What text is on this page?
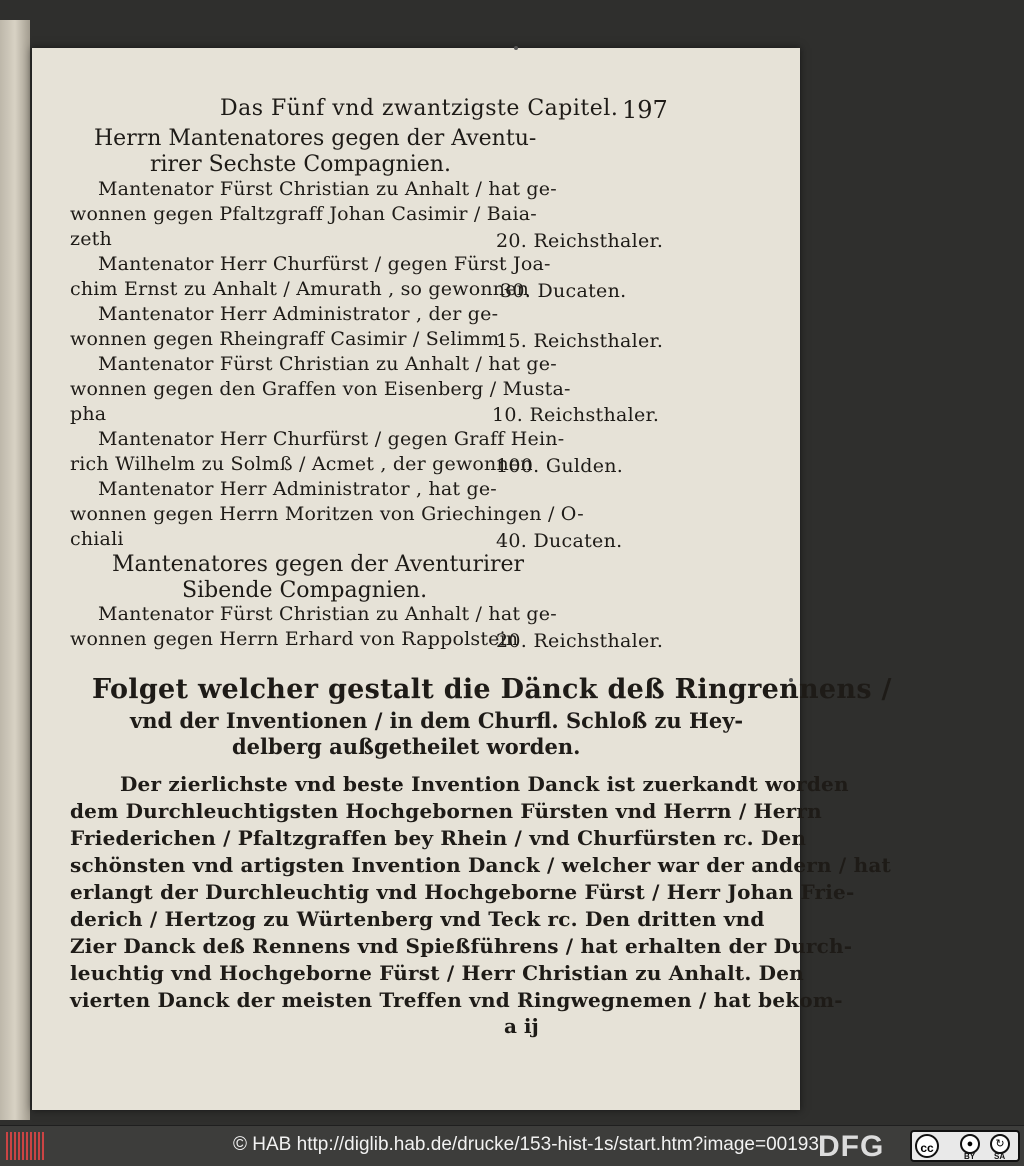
Das Fünf vnd zwantzigste Capitel. 197
Herrn Mantenatores gegen der Aventu-
rirer Sechste Compagnien.
Mantenator Fürst Christian zu Anhalt / hat ge-
wonnen gegen Pfaltzgraff Johan Casimir / Baia-
zeth	20. Reichsthaler.
Mantenator Herr Churfürst / gegen Fürst Joa-
chim Ernst zu Anhalt / Amurath , so gewonnen
30. Ducaten.
Mantenator Herr Administrator , der ge-
wonnen gegen Rheingraff Casimir / Selimm
15. Reichsthaler.
Mantenator Fürst Christian zu Anhalt / hat ge-
wonnen gegen den Graffen von Eisenberg / Musta-
pha	10. Reichsthaler.
Mantenator Herr Churfürst / gegen Graff Hein-
rich Wilhelm zu Solmß / Acmet , der gewonnen
100. Gulden.
Mantenator Herr Administrator , hat ge-
wonnen gegen Herrn Moritzen von Griechingen / O-
chiali	40. Ducaten.
Mantenatores gegen der Aventurirer
Sibende Compagnien.
Mantenator Fürst Christian zu Anhalt / hat ge-
wonnen gegen Herrn Erhard von Rappolstein
20. Reichsthaler.
Folget welcher gestalt die Dänck deß Ringrennens /
vnd der Inventionen / in dem Churfl. Schloß zu Hey-
delberg außgetheilet worden.
Der zierlichste vnd beste Invention Danck ist zuerkandt worden
dem Durchleuchtigsten Hochgebornen Fürsten vnd Herrn / Herrn
Friederichen / Pfaltzgraffen bey Rhein / vnd Churfürsten rc. Den
schönsten vnd artigsten Invention Danck / welcher war der andern / hat
erlangt der Durchleuchtig vnd Hochgeborne Fürst / Herr Johan Frie-
derich / Hertzog zu Würtenberg vnd Teck rc. Den dritten vnd
Zier Danck deß Rennens vnd Spießführens / hat erhalten der Durch-
leuchtig vnd Hochgeborne Fürst / Herr Christian zu Anhalt. Den
vierten Danck der meisten Treffen vnd Ringwegnemen / hat bekom-
a ij
© HAB http://diglib.hab.de/drucke/153-hist-1s/start.htm?image=00193 DFG	cc	●	↻
BY SA
